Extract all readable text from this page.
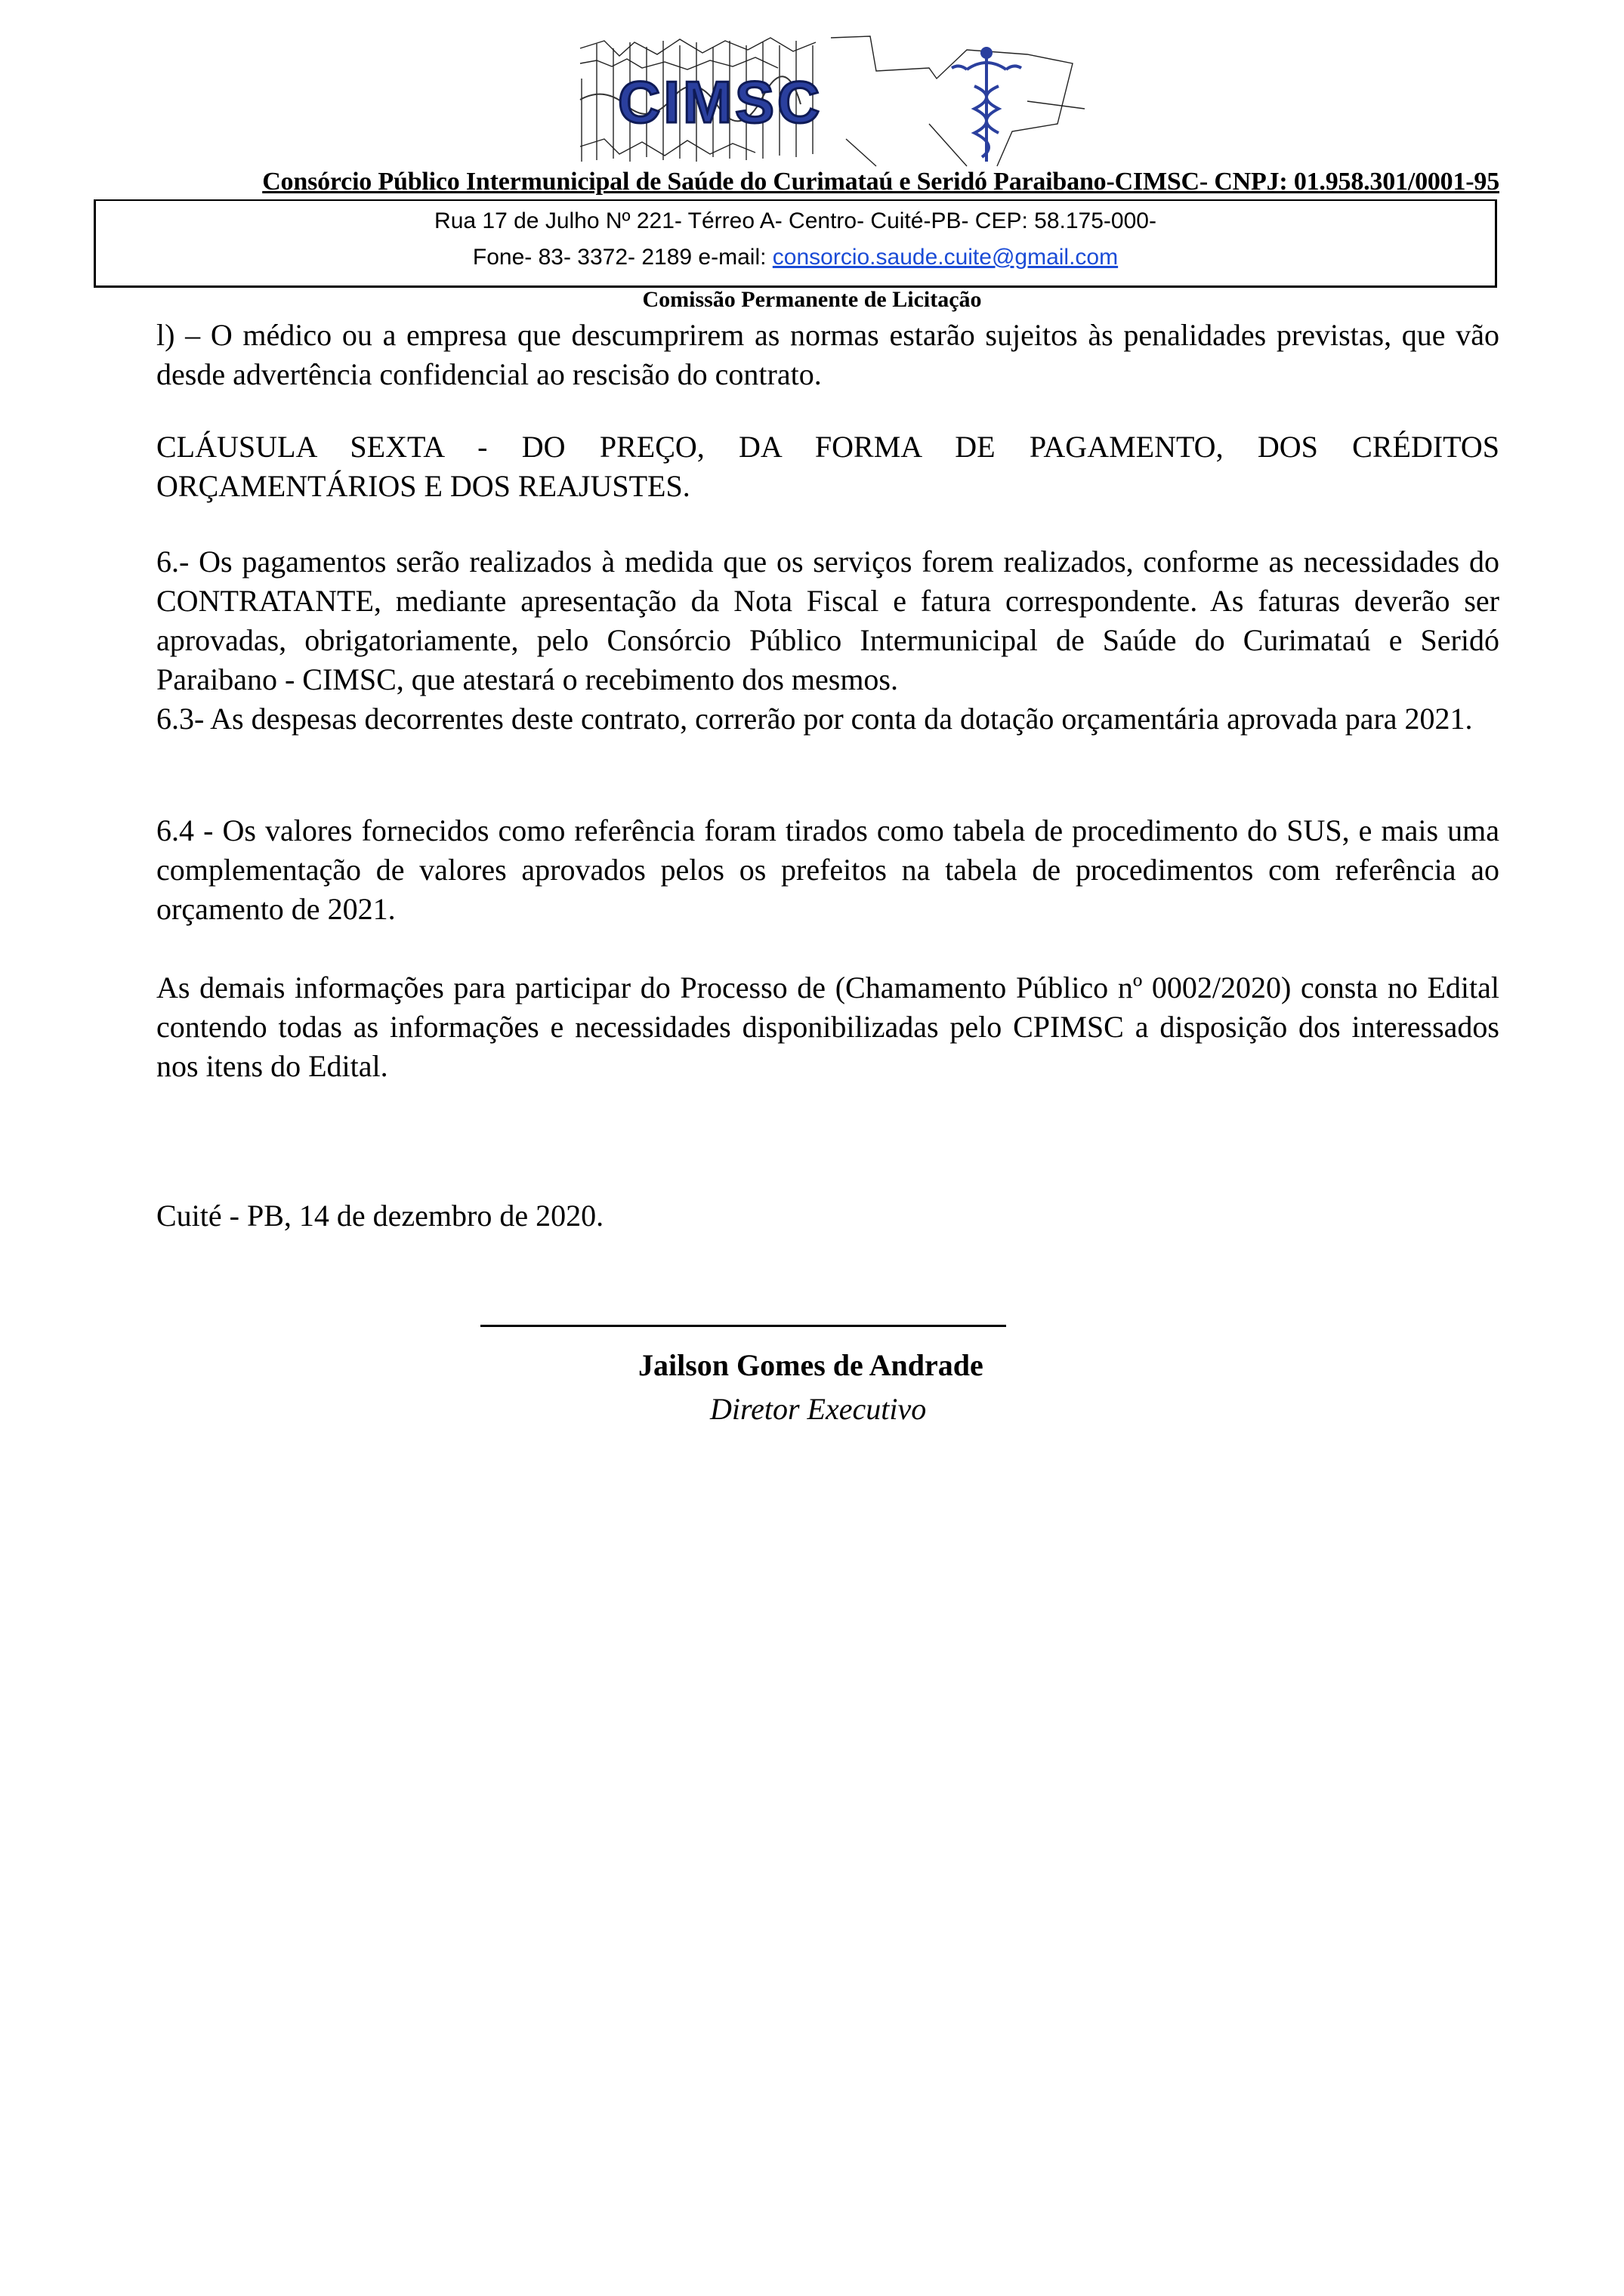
CIMSC
Consórcio Público Intermunicipal de Saúde do Curimataú e Seridó Paraibano-CIMSC- CNPJ: 01.958.301/0001-95
Rua 17 de Julho Nº 221- Térreo A- Centro- Cuité-PB- CEP: 58.175-000-
Fone- 83- 3372- 2189 e-mail: consorcio.saude.cuite@gmail.com
Comissão Permanente de Licitação
l) – O médico ou a empresa que descumprirem as normas estarão sujeitos às penalidades previstas, que vão desde advertência confidencial ao rescisão do contrato.
CLÁUSULA SEXTA - DO PREÇO, DA FORMA DE PAGAMENTO, DOS CRÉDITOS ORÇAMENTÁRIOS E DOS REAJUSTES.
6.- Os pagamentos serão realizados à medida que os serviços forem realizados, conforme as necessidades do CONTRATANTE, mediante apresentação da Nota Fiscal e fatura correspondente. As faturas deverão ser aprovadas, obrigatoriamente, pelo Consórcio Público Intermunicipal de Saúde do Curimataú e Seridó Paraibano - CIMSC, que atestará o recebimento dos mesmos.
6.3- As despesas decorrentes deste contrato, correrão por conta da dotação orçamentária aprovada para 2021.
6.4 - Os valores fornecidos como referência foram tirados como tabela de procedimento do SUS, e mais uma complementação de valores aprovados pelos os prefeitos na tabela de procedimentos com referência ao orçamento de 2021.
As demais informações para participar do Processo de (Chamamento Público nº 0002/2020) consta no Edital contendo todas as informações e necessidades disponibilizadas pelo CPIMSC a disposição dos interessados nos itens do Edital.
Cuité - PB, 14 de dezembro de 2020.
Jailson Gomes de Andrade
Diretor Executivo
